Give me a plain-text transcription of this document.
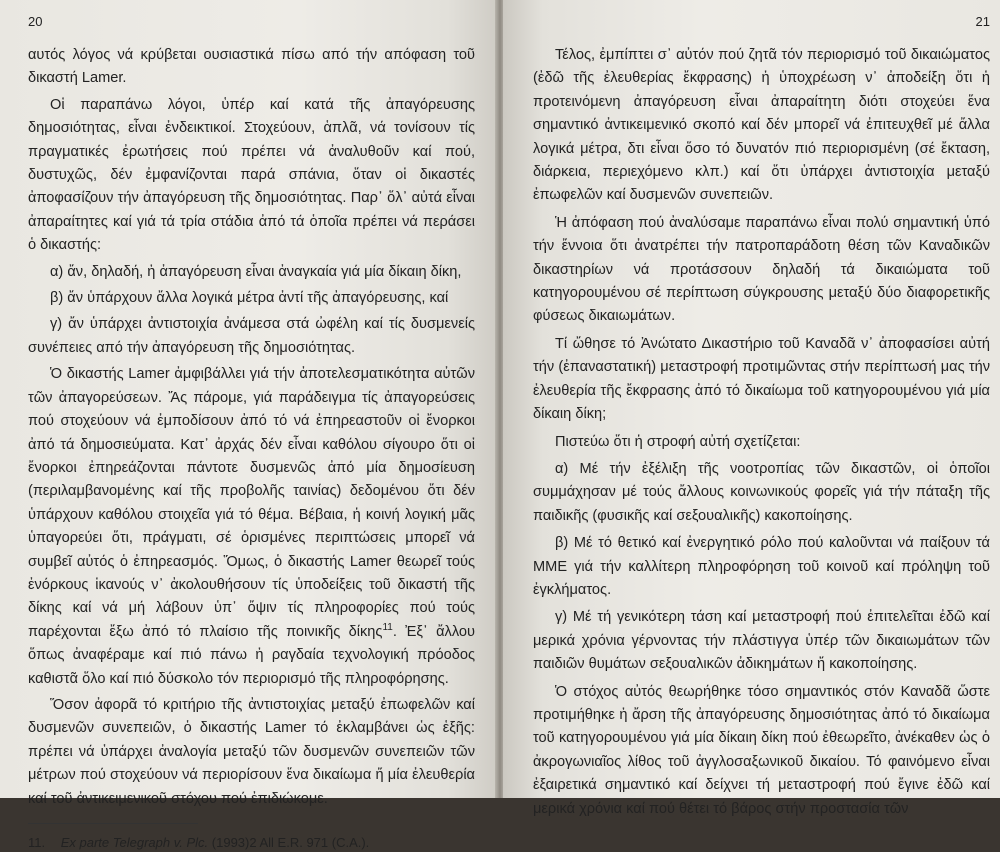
20

αυτός λόγος νά κρύβεται ουσιαστικά πίσω από τήν απόφαση τοῦ δικαστή Lamer.

Οἱ παραπάνω λόγοι, ὑπέρ καί κατά τῆς ἀπαγόρευσης δημοσιότητας, εἶναι ἐνδεικτικοί. Στοχεύουν, ἁπλᾶ, νά τονίσουν τίς πραγματικές ἐρωτήσεις πού πρέπει νά ἀναλυθοῦν καί πού, δυστυχῶς, δέν ἐμφανίζονται παρά σπάνια, ὅταν οἱ δικαστές ἀποφασίζουν τήν ἀπαγόρευση τῆς δημοσιότητας. Παρ᾽ ὅλ᾽ αὐτά εἶναι ἀπαραίτητες καί γιά τά τρία στάδια ἀπό τά ὁποῖα πρέπει νά περάσει ὁ δικαστής:

α) ἄν, δηλαδή, ἡ ἀπαγόρευση εἶναι ἀναγκαία γιά μία δίκαιη δίκη,

β) ἄν ὑπάρχουν ἄλλα λογικά μέτρα ἀντί τῆς ἀπαγόρευσης, καί

γ) ἄν ὑπάρχει ἀντιστοιχία ἀνάμεσα στά ὠφέλη καί τίς δυσμενείς συνέπειες από τήν ἀπαγόρευση τῆς δημοσιότητας.

Ὁ δικαστής Lamer ἀμφιβάλλει γιά τήν ἀποτελεσματικότητα αὐτῶν τῶν ἀπαγορεύσεων. Ἄς πάρομε, γιά παράδειγμα τίς ἀπαγορεύσεις πού στοχεύουν νά ἐμποδίσουν ἀπό τό νά ἐπηρεαστοῦν οἱ ἔνορκοι ἀπό τά δημοσιεύματα. Κατ᾽ ἀρχάς δέν εἶναι καθόλου σίγουρο ὅτι οἱ ἔνορκοι ἐπηρεάζονται πάντοτε δυσμενῶς ἀπό μία δημοσίευση (περιλαμβανομένης καί τῆς προβολῆς ταινίας) δεδομένου ὅτι δέν ὑπάρχουν καθόλου στοιχεῖα γιά τό θέμα. Βέβαια, ἡ κοινή λογική μᾶς ὑπαγορεύει ὅτι, πράγματι, σέ ὁρισμένες περιπτώσεις μπορεῖ νά συμβεῖ αὐτός ὁ ἐπηρεασμός. Ὅμως, ὁ δικαστής Lamer θεωρεῖ τούς ἐνόρκους ἱκανούς ν᾽ ἀκολουθήσουν τίς ὑποδείξεις τοῦ δικαστή τῆς δίκης καί νά μή λάβουν ὑπ᾽ ὄψιν τίς πληροφορίες πού τούς παρέχονται ἔξω ἀπό τό πλαίσιο τῆς ποινικῆς δίκης$^{11}$. Ἐξ᾽ ἄλλου ὅπως ἀναφέραμε καί πιό πάνω ἡ ραγδαία τεχνολογική πρόοδος καθιστᾶ ὅλο καί πιό δύσκολο τόν περιορισμό τῆς πληροφόρησης.

Ὅσον ἀφορᾶ τό κριτήριο τῆς ἀντιστοιχίας μεταξύ ἐπωφελῶν καί δυσμενῶν συνεπειῶν, ὁ δικαστής Lamer τό ἐκλαμβάνει ὡς ἑξῆς: πρέπει νά ὑπάρχει ἀναλογία μεταξύ τῶν δυσμενῶν συνεπειῶν τῶν μέτρων πού στοχεύουν νά περιορίσουν ἕνα δικαίωμα ἤ μία ἐλευθερία καί τοῦ ἀντικειμενικοῦ στόχου πού ἐπιδιώκομε.

11. Ex parte Telegraph v. Plc. (1993)2 All E.R. 971 (C.A.).
21

Τέλος, ἐμπίπτει σ᾽ αὐτόν πού ζητᾶ τόν περιορισμό τοῦ δικαιώματος (ἐδῶ τῆς ἐλευθερίας ἔκφρασης) ἡ ὑποχρέωση ν᾽ ἀποδείξη ὅτι ἡ προτεινόμενη ἀπαγόρευση εἶναι ἀπαραίτητη διότι στοχεύει ἕνα σημαντικό ἀντικειμενικό σκοπό καί δέν μπορεῖ νά ἐπιτευχθεῖ μέ ἄλλα λογικά μέτρα, δτι εἶναι ὅσο τό δυνατόν πιό περιορισμένη (σέ ἔκταση, διάρκεια, περιεχόμενο κλπ.) καί ὅτι ὑπάρχει ἀντιστοιχία μεταξύ ἐπωφελῶν καί δυσμενῶν συνεπειῶν.

Ἡ ἀπόφαση πού ἀναλύσαμε παραπάνω εἶναι πολύ σημαντική ὑπό τήν ἔννοια ὅτι ἀνατρέπει τήν πατροπαράδοτη θέση τῶν Καναδικῶν δικαστηρίων νά προτάσσουν δηλαδή τά δικαιώματα τοῦ κατηγορουμένου σέ περίπτωση σύγκρουσης μεταξύ δύο διαφορετικῆς φύσεως δικαιωμάτων.

Τί ὤθησε τό Ἀνώτατο Δικαστήριο τοῦ Καναδᾶ ν᾽ ἀποφασίσει αὐτή τήν (ἐπαναστατική) μεταστροφή προτιμῶντας στήν περίπτωσή μας τήν ἐλευθερία τῆς ἔκφρασης ἀπό τό δικαίωμα τοῦ κατηγορουμένου γιά μία δίκαιη δίκη;

Πιστεύω ὅτι ἡ στροφή αὐτή σχετίζεται:

α) Μέ τήν ἐξέλιξη τῆς νοοτροπίας τῶν δικαστῶν, οἱ ὁποῖοι συμμάχησαν μέ τούς ἄλλους κοινωνικούς φορεῖς γιά τήν πάταξη τῆς παιδικῆς (φυσικῆς καί σεξουαλικῆς) κακοποίησης.

β) Μέ τό θετικό καί ἐνεργητικό ρόλο πού καλοῦνται νά παίξουν τά ΜΜΕ γιά τήν καλλίτερη πληροφόρηση τοῦ κοινοῦ καί πρόληψη τοῦ ἐγκλήματος.

γ) Μέ τή γενικότερη τάση καί μεταστροφή πού ἐπιτελεῖται ἐδῶ καί μερικά χρόνια γέρνοντας τήν πλάστιγγα ὑπέρ τῶν δικαιωμάτων τῶν παιδιῶν θυμάτων σεξουαλικῶν ἀδικημάτων ἤ κακοποίησης.

Ὁ στόχος αὐτός θεωρήθηκε τόσο σημαντικός στόν Καναδᾶ ὥστε προτιμήθηκε ἡ ἄρση τῆς ἀπαγόρευσης δημοσιότητας ἀπό τό δικαίωμα τοῦ κατηγορουμένου γιά μία δίκαιη δίκη πού ἐθεωρεῖτο, ἀνέκαθεν ὡς ὁ ἀκρογωνιαῖος λίθος τοῦ ἀγγλοσαξωνικοῦ δικαίου. Τό φαινόμενο εἶναι ἐξαιρετικά σημαντικό καί δείχνει τή μεταστροφή πού ἔγινε ἐδῶ καί μερικά χρόνια καί πού θέτει τό βάρος στήν προστασία τῶν
